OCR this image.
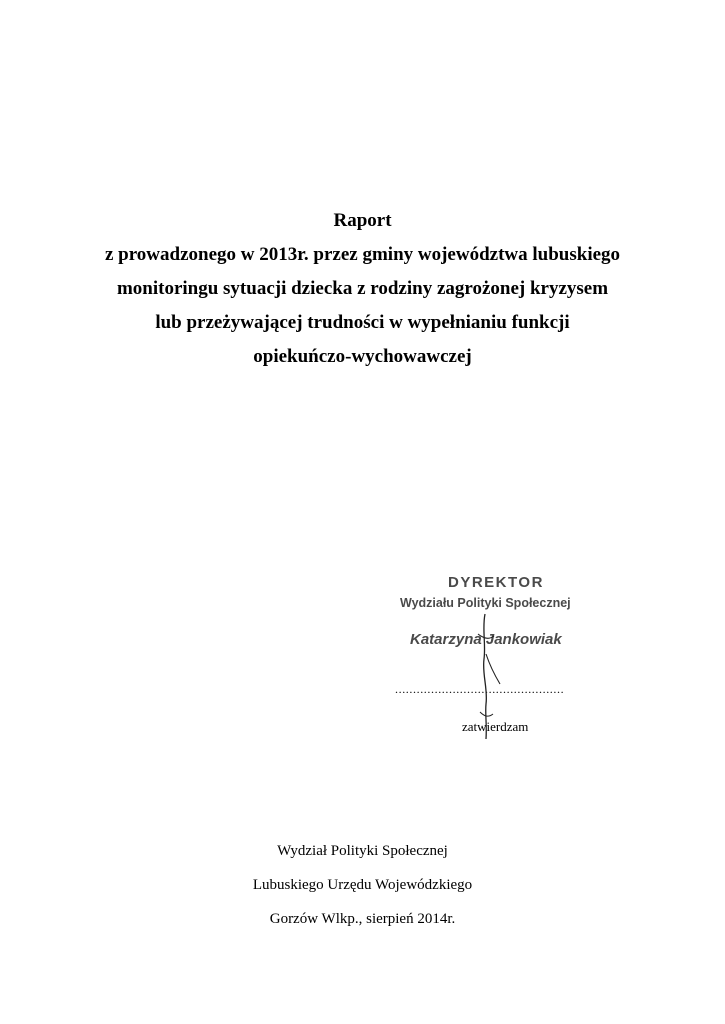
Raport
z prowadzonego w 2013r. przez gminy województwa lubuskiego
monitoringu sytuacji dziecka z rodziny zagrożonej kryzysem
lub przeżywającej trudności w wypełnianiu funkcji
opiekuńczo-wychowawczej
DYREKTOR
Wydziału Polityki Społecznej
Katarzyna Jankowiak
...............................................
zatwierdzam
Wydział Polityki Społecznej
Lubuskiego Urzędu Wojewódzkiego
Gorzów Wlkp., sierpień 2014r.
